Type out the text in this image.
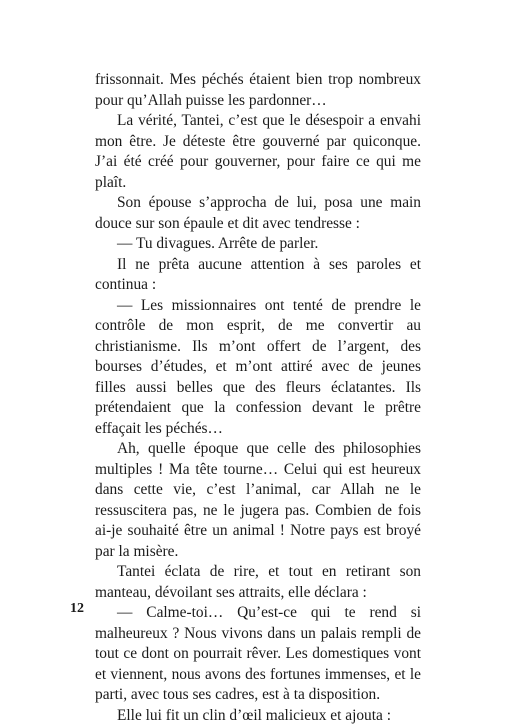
frissonnait. Mes péchés étaient bien trop nombreux pour qu’Allah puisse les pardonner…

La vérité, Tantei, c’est que le désespoir a envahi mon être. Je déteste être gouverné par quiconque. J’ai été créé pour gouverner, pour faire ce qui me plaît.

Son épouse s’approcha de lui, posa une main douce sur son épaule et dit avec tendresse :

— Tu divagues. Arrête de parler.

Il ne prêta aucune attention à ses paroles et continua :

— Les missionnaires ont tenté de prendre le contrôle de mon esprit, de me convertir au christianisme. Ils m’ont offert de l’argent, des bourses d’études, et m’ont attiré avec de jeunes filles aussi belles que des fleurs éclatantes. Ils prétendaient que la confession devant le prêtre effaçait les péchés…

Ah, quelle époque que celle des philosophies multiples ! Ma tête tourne… Celui qui est heureux dans cette vie, c’est l’animal, car Allah ne le ressuscitera pas, ne le jugera pas. Combien de fois ai-je souhaité être un animal ! Notre pays est broyé par la misère.

Tantei éclata de rire, et tout en retirant son manteau, dévoilant ses attraits, elle déclara :

— Calme-toi… Qu’est-ce qui te rend si malheureux ? Nous vivons dans un palais rempli de tout ce dont on pourrait rêver. Les domestiques vont et viennent, nous avons des fortunes immenses, et le parti, avec tous ses cadres, est à ta disposition.

Elle lui fit un clin d’œil malicieux et ajouta :

12
